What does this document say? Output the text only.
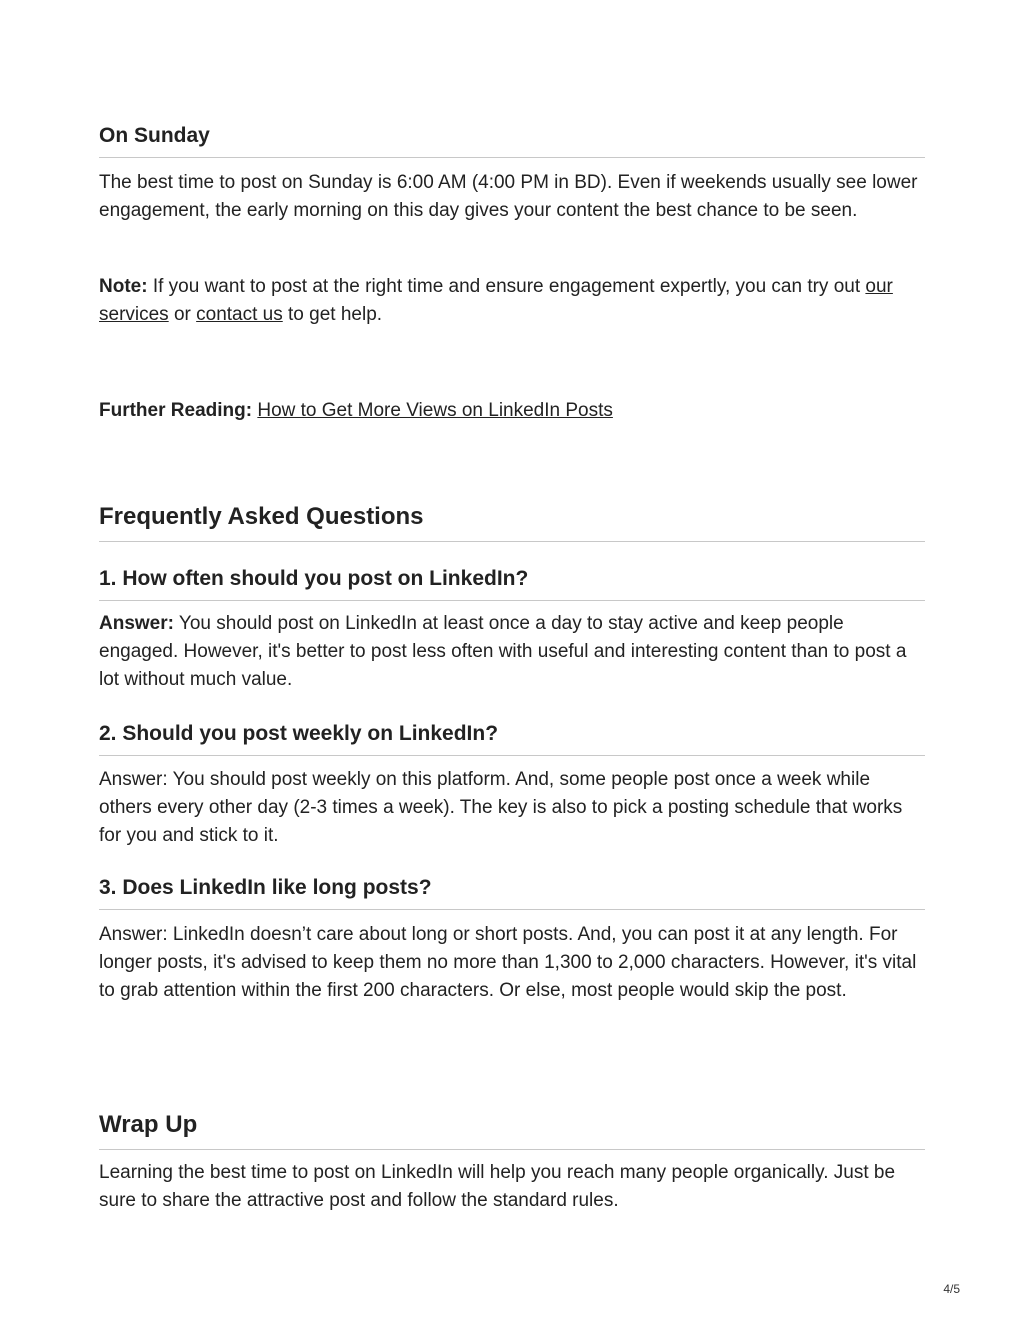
On Sunday

The best time to post on Sunday is 6:00 AM (4:00 PM in BD). Even if weekends usually see lower engagement, the early morning on this day gives your content the best chance to be seen.

Note: If you want to post at the right time and ensure engagement expertly, you can try out our services or contact us to get help.

Further Reading: How to Get More Views on LinkedIn Posts

Frequently Asked Questions
1. How often should you post on LinkedIn?

Answer: You should post on LinkedIn at least once a day to stay active and keep people engaged. However, it's better to post less often with useful and interesting content than to post a lot without much value.

2. Should you post weekly on LinkedIn?

Answer: You should post weekly on this platform. And, some people post once a week while others every other day (2-3 times a week). The key is also to pick a posting schedule that works for you and stick to it.

3. Does LinkedIn like long posts?

Answer: LinkedIn doesn’t care about long or short posts. And, you can post it at any length. For longer posts, it's advised to keep them no more than 1,300 to 2,000 characters. However, it's vital to grab attention within the first 200 characters. Or else, most people would skip the post.

Wrap Up

Learning the best time to post on LinkedIn will help you reach many people organically. Just be sure to share the attractive post and follow the standard rules.

4/5
